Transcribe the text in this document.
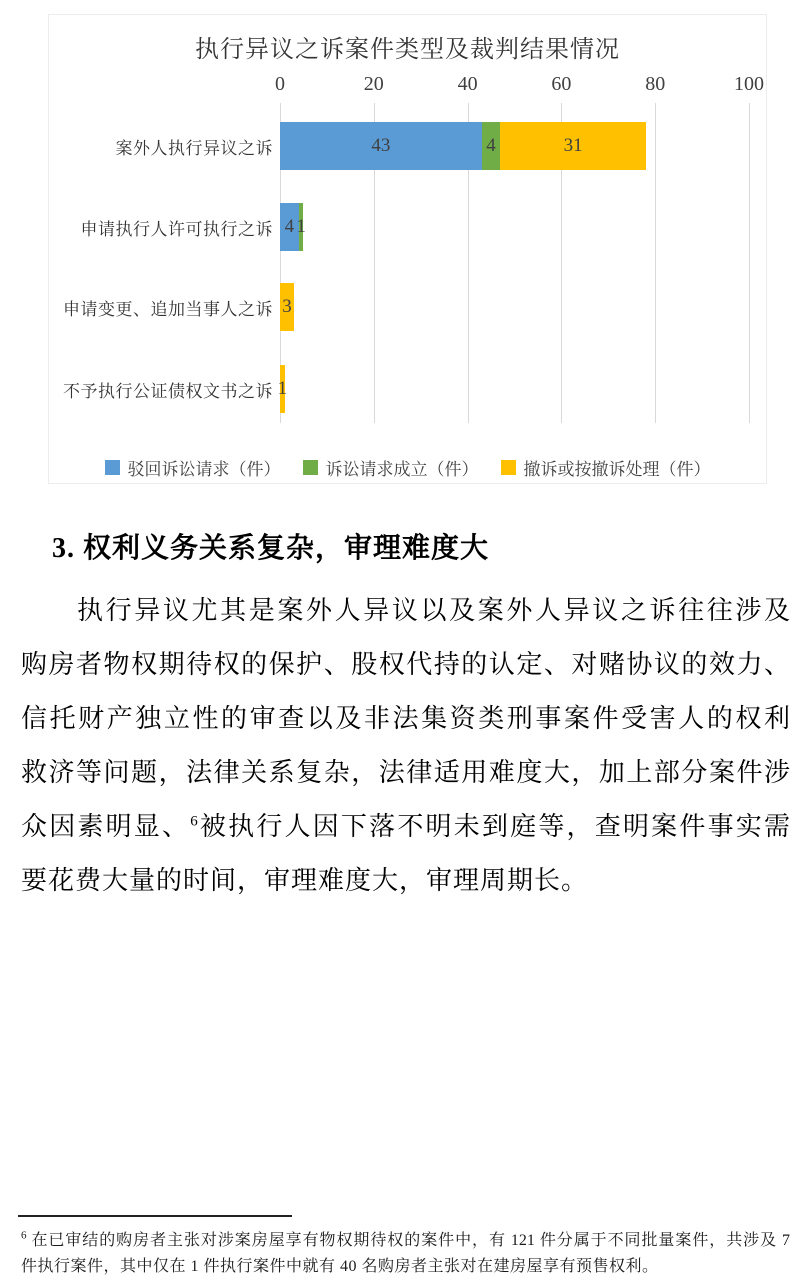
执行异议之诉案件类型及裁判结果情况
43	4	31
4 1
3
1
0	20	40	60	80	100
案外人执行异议之诉
申请执行人许可执行之诉
申请变更、追加当事人之诉
不予执行公证债权文书之诉
驳回诉讼请求（件）	诉讼请求成立（件）	撤诉或按撤诉处理（件）
3. 权利义务关系复杂，审理难度大
执行异议尤其是案外人异议以及案外人异议之诉往往涉及
购房者物权期待权的保护、股权代持的认定、对赌协议的效力、
信托财产独立性的审查以及非法集资类刑事案件受害人的权利
救济等问题，法律关系复杂，法律适用难度大，加上部分案件涉
众因素明显、$^6$被执行人因下落不明未到庭等，查明案件事实需
要花费大量的时间，审理难度大，审理周期长。
$^6$ 在已审结的购房者主张对涉案房屋享有物权期待权的案件中，有 121 件分属于不同批量案件，共涉及 7
件执行案件，其中仅在 1 件执行案件中就有 40 名购房者主张对在建房屋享有预售权利。
